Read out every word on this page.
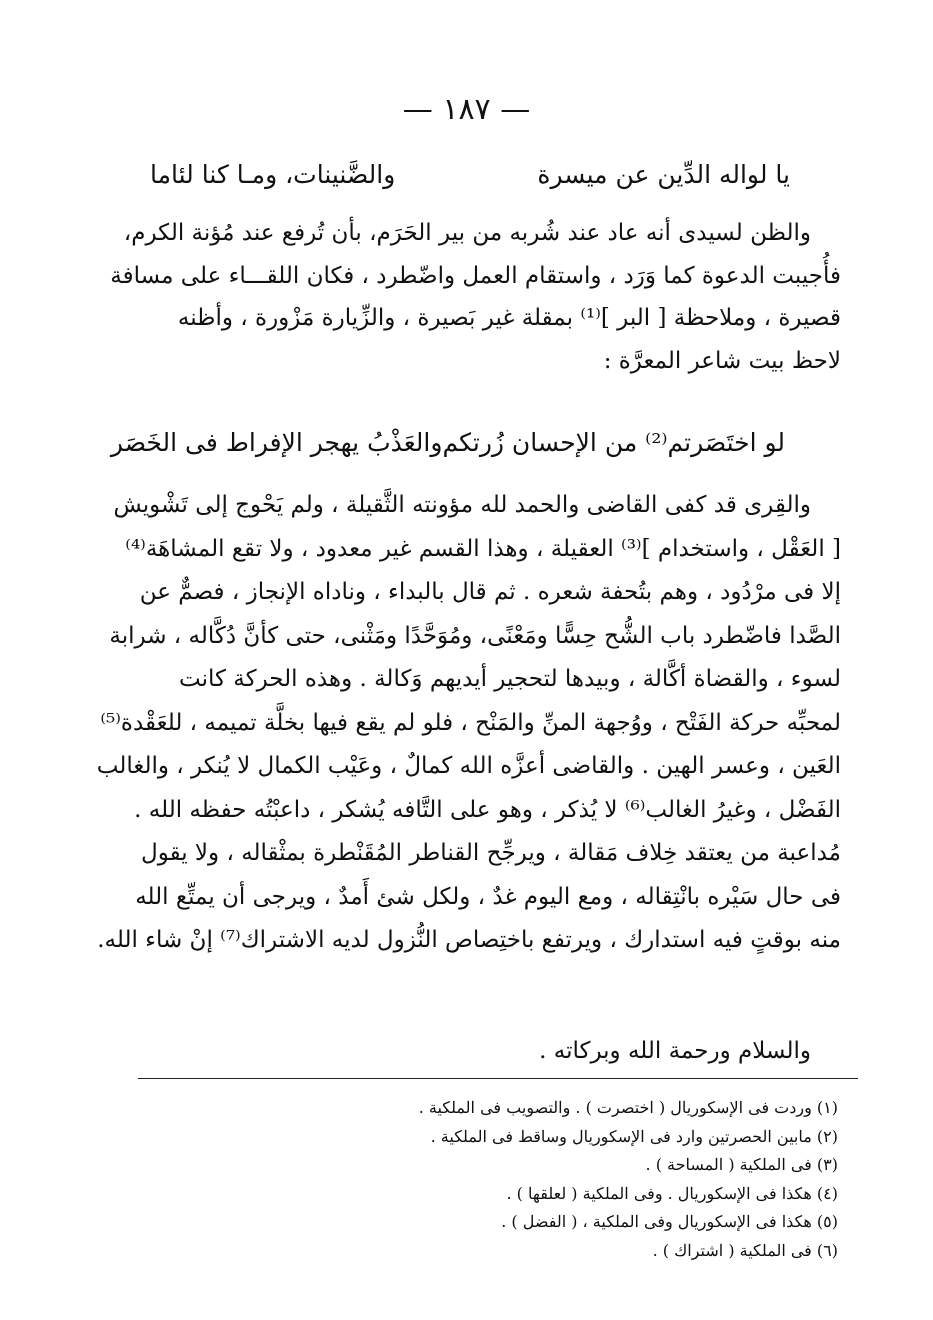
— ١٨٧ —
يا لواله الدِّين عن ميسرة
والضَّنينات، ومـا كنا لئاما

والظن لسيدى أنه عاد عند شُربه من بير الحَرَم، بأن تُرفع عند مُؤنة الكرم،
فأُجيبت الدعوة كما وَرَد ، واستقام العمل واضّطرد ، فكان اللقـــاء على مسافة
قصيرة ، وملاحظة [ البر ]⁽¹⁾ بمقلة غير بَصيرة ، والزِّيارة مَزْورة ، وأظنه
لاحظ بيت شاعر المعرَّة :

لو اختَصَرتم⁽²⁾ من الإحسان زُرتكم
والعَذْبُ يهجر الإفراط فى الخَصَر

والقِرى قد كفى القاضى والحمد لله مؤونته الثَّقيلة ، ولم يَحْوج إلى تَشْويش
[ العَقْل ، واستخدام ]⁽³⁾ العقيلة ، وهذا القسم غير معدود ، ولا تقع المشاهَة⁽⁴⁾
إلا فى مرْدُود ، وهم بتُحفة شعره . ثم قال بالبداء ، وناداه الإنجاز ، فصمٌّ عن
الصَّدا فاضّطرد باب الشُّح حِسًّا ومَعْنًى، ومُوَحَّدًا ومَثْنى، حتى كأنَّ دُكَّاله ، شرابة
لسوء ، والقضاة أكَّالة ، وبيدها لتحجير أيديهم وَكالة . وهذه الحركة كانت
لمحبِّه حركة الفَتْح ، ووُجهة المنِّ والمَنْح ، فلو لم يقع فيها بخلَّة تميمه ، للعَقْدة⁽⁵⁾
العَين ، وعسر الهين . والقاضى أعزَّه الله كمالٌ ، وعَيْب الكمال لا يُنكر ، والغالب
الفَضْل ، وغيرُ الغالب⁽⁶⁾ لا يُذكر ، وهو على التَّافه يُشكر ، داعبْتُه حفظه الله .
مُداعبة من يعتقد خِلاف مَقالة ، ويرجِّح القناطر المُقَنْطرة بمثْقاله ، ولا يقول
فى حال سَيْره بانْتِقاله ، ومع اليوم غدٌ ، ولكل شئ أَمدٌ ، ويرجى أن يمتِّع الله
منه بوقتٍ فيه استدارك ، ويرتفع باختِصاص النُّزول لديه الاشتراك⁽⁷⁾ إنْ شاء الله.

والسلام ورحمة الله وبركاته .

(١) وردت فى الإسكوريال ( اختصرت ) . والتصويب فى الملكية .
(٢) مابين الحصرتين وارد فى الإسكوريال وساقط فى الملكية .
(٣) فى الملكية ( المساحة ) .
(٤) هكذا فى الإسكوريال . وفى الملكية ( لعلقها ) .
(٥) هكذا فى الإسكوريال وفى الملكية ، ( الفضل ) .
(٦) فى الملكية ( اشتراك ) .
